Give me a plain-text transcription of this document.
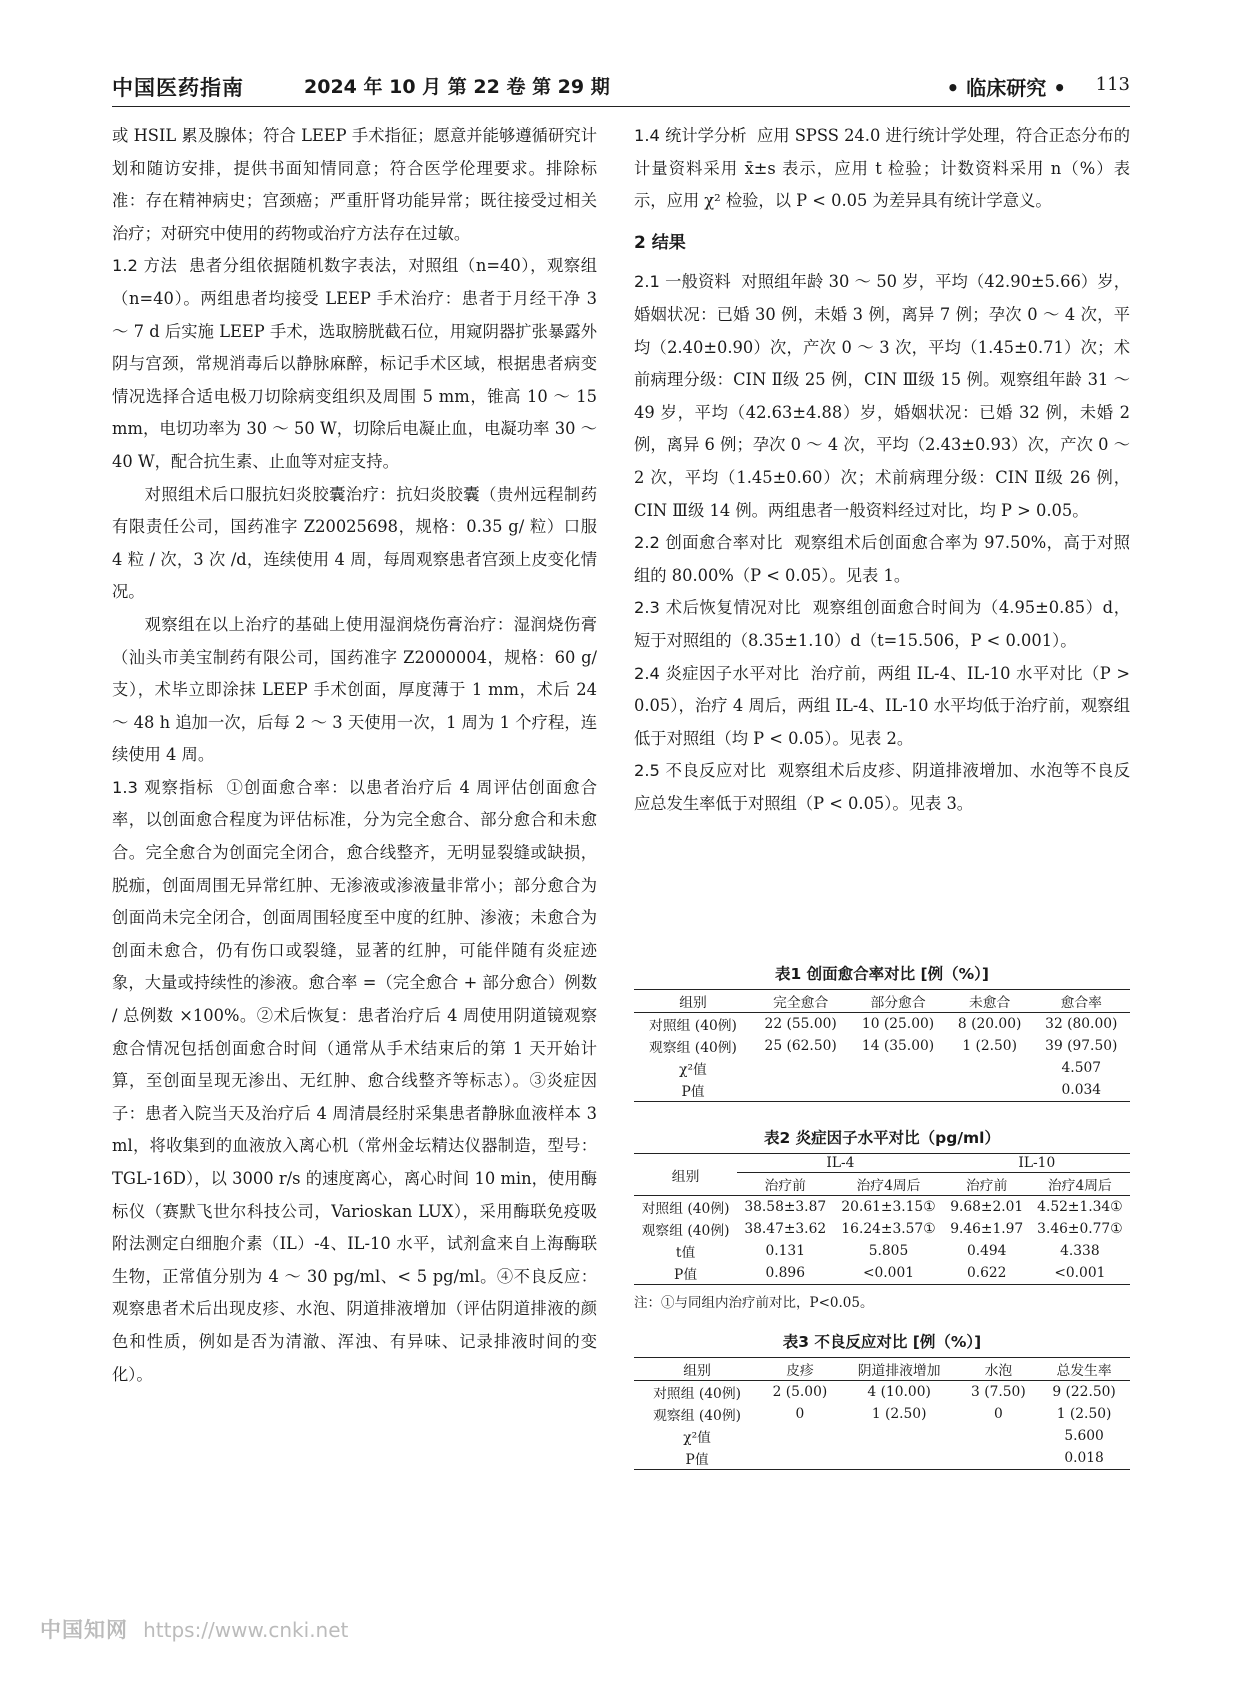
中国医药指南	2024 年 10 月 第 22 卷 第 29 期	• 临床研究 • 113

或 HSIL 累及腺体；符合 LEEP 手术指征；愿意并能够遵循研究计划和随访安排，提供书面知情同意；符合医学伦理要求。排除标准：存在精神病史；宫颈癌；严重肝肾功能异常；既往接受过相关治疗；对研究中使用的药物或治疗方法存在过敏。

1.2 方法 患者分组依据随机数字表法，对照组（n=40），观察组（n=40）。两组患者均接受 LEEP 手术治疗：患者于月经干净 3 ～ 7 d 后实施 LEEP 手术，选取膀胱截石位，用窥阴器扩张暴露外阴与宫颈，常规消毒后以静脉麻醉，标记手术区域，根据患者病变情况选择合适电极刀切除病变组织及周围 5 mm，锥高 10 ～ 15 mm，电切功率为 30 ～ 50 W，切除后电凝止血，电凝功率 30 ～ 40 W，配合抗生素、止血等对症支持。

对照组术后口服抗妇炎胶囊治疗：抗妇炎胶囊（贵州远程制药有限责任公司，国药准字 Z20025698，规格：0.35 g/ 粒）口服 4 粒 / 次，3 次 /d，连续使用 4 周，每周观察患者宫颈上皮变化情况。

观察组在以上治疗的基础上使用湿润烧伤膏治疗：湿润烧伤膏（汕头市美宝制药有限公司，国药准字 Z2000004，规格：60 g/ 支），术毕立即涂抹 LEEP 手术创面，厚度薄于 1 mm，术后 24 ～ 48 h 追加一次，后每 2 ～ 3 天使用一次，1 周为 1 个疗程，连续使用 4 周。

1.3 观察指标 ①创面愈合率：以患者治疗后 4 周评估创面愈合率，以创面愈合程度为评估标准，分为完全愈合、部分愈合和未愈合。完全愈合为创面完全闭合，愈合线整齐，无明显裂缝或缺损，脱痂，创面周围无异常红肿、无渗液或渗液量非常小；部分愈合为创面尚未完全闭合，创面周围轻度至中度的红肿、渗液；未愈合为创面未愈合，仍有伤口或裂缝，显著的红肿，可能伴随有炎症迹象，大量或持续性的渗液。愈合率 =（完全愈合 + 部分愈合）例数 / 总例数 ×100%。②术后恢复：患者治疗后 4 周使用阴道镜观察愈合情况包括创面愈合时间（通常从手术结束后的第 1 天开始计算，至创面呈现无渗出、无红肿、愈合线整齐等标志）。③炎症因子：患者入院当天及治疗后 4 周清晨经肘采集患者静脉血液样本 3 ml，将收集到的血液放入离心机（常州金坛精达仪器制造，型号：TGL-16D），以 3000 r/s 的速度离心，离心时间 10 min，使用酶标仪（赛默飞世尔科技公司，Varioskan LUX），采用酶联免疫吸附法测定白细胞介素（IL）-4、IL-10 水平，试剂盒来自上海酶联生物，正常值分别为 4 ～ 30 pg/ml、< 5 pg/ml。④不良反应：观察患者术后出现皮疹、水泡、阴道排液增加（评估阴道排液的颜色和性质，例如是否为清澈、浑浊、有异味、记录排液时间的变化）。

1.4 统计学分析 应用 SPSS 24.0 进行统计学处理，符合正态分布的计量资料采用 x̄±s 表示，应用 t 检验；计数资料采用 n（%）表示，应用 χ² 检验，以 P < 0.05 为差异具有统计学意义。

2 结果

2.1 一般资料 对照组年龄 30 ～ 50 岁，平均（42.90±5.66）岁，婚姻状况：已婚 30 例，未婚 3 例，离异 7 例；孕次 0 ～ 4 次，平均（2.40±0.90）次，产次 0 ～ 3 次，平均（1.45±0.71）次；术前病理分级：CIN Ⅱ级 25 例，CIN Ⅲ级 15 例。观察组年龄 31 ～ 49 岁，平均（42.63±4.88）岁，婚姻状况：已婚 32 例，未婚 2 例，离异 6 例；孕次 0 ～ 4 次，平均（2.43±0.93）次，产次 0 ～ 2 次，平均（1.45±0.60）次；术前病理分级：CIN Ⅱ级 26 例，CIN Ⅲ级 14 例。两组患者一般资料经过对比，均 P > 0.05。

2.2 创面愈合率对比 观察组术后创面愈合率为 97.50%，高于对照组的 80.00%（P < 0.05）。见表 1。

2.3 术后恢复情况对比 观察组创面愈合时间为（4.95±0.85）d，短于对照组的（8.35±1.10）d（t=15.506，P < 0.001）。

2.4 炎症因子水平对比 治疗前，两组 IL-4、IL-10 水平对比（P > 0.05），治疗 4 周后，两组 IL-4、IL-10 水平均低于治疗前，观察组低于对照组（均 P < 0.05）。见表 2。

2.5 不良反应对比 观察组术后皮疹、阴道排液增加、水泡等不良反应总发生率低于对照组（P < 0.05）。见表 3。

表1 创面愈合率对比 [例（%）]
组别	完全愈合	部分愈合	未愈合	愈合率
对照组 (40例)	22 (55.00)	10 (25.00)	8 (20.00)	32 (80.00)
观察组 (40例)	25 (62.50)	14 (35.00)	1 (2.50)	39 (97.50)
χ²值				4.507
P值				0.034
表2 炎症因子水平对比（pg/ml）
组别	IL-4		IL-10	
	治疗前	治疗4周后	治疗前	治疗4周后
对照组 (40例)	38.58±3.87	20.61±3.15①	9.68±2.01	4.52±1.34①
观察组 (40例)	38.47±3.62	16.24±3.57①	9.46±1.97	3.46±0.77①
t值	0.131	5.805	0.494	4.338
P值	0.896	<0.001	0.622	<0.001
注：①与同组内治疗前对比，P<0.05。
表3 不良反应对比 [例（%）]
组别	皮疹	阴道排液增加	水泡	总发生率
对照组 (40例)	2 (5.00)	4 (10.00)	3 (7.50)	9 (22.50)
观察组 (40例)	0	1 (2.50)	0	1 (2.50)
χ²值				5.600
P值				0.018
中国知网 https://www.cnki.net
